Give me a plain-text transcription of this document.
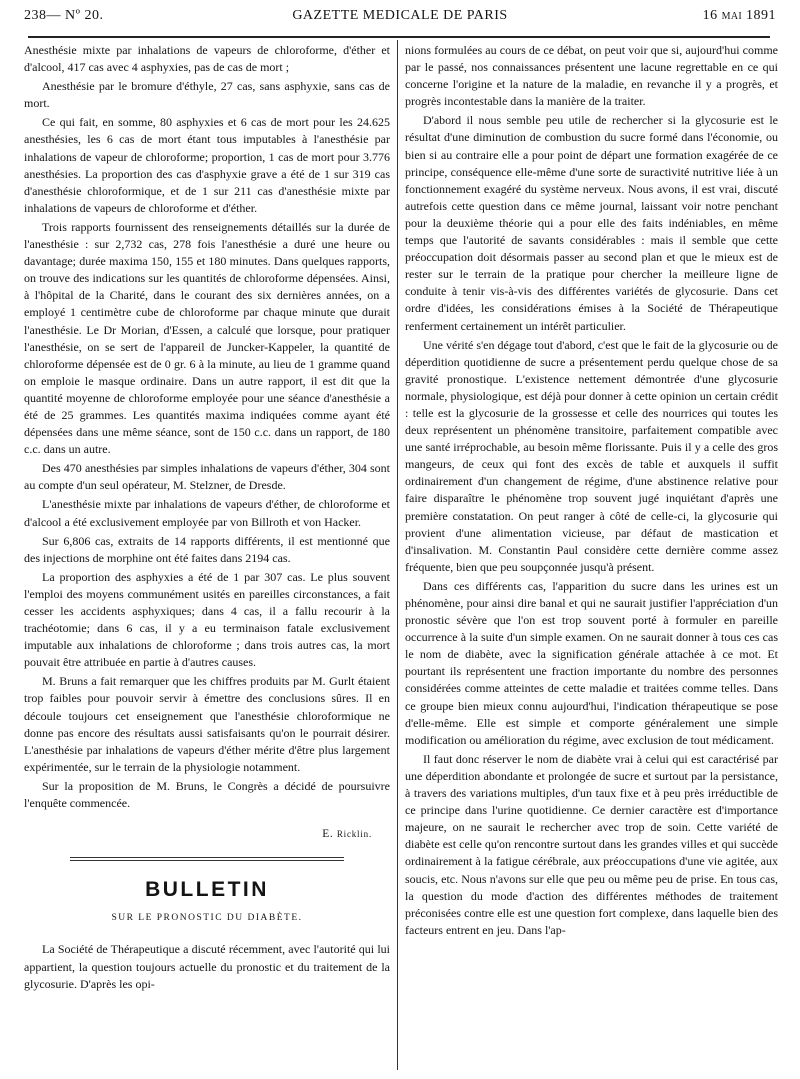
238— Nº 20.	GAZETTE MEDICALE DE PARIS	16 MAI 1891

Anesthésie mixte par inhalations de vapeurs de chloroforme, d'éther et d'alcool, 417 cas avec 4 asphyxies, pas de cas de mort ;

Anesthésie par le bromure d'éthyle, 27 cas, sans asphyxie, sans cas de mort.

Ce qui fait, en somme, 80 asphyxies et 6 cas de mort pour les 24.625 anesthésies, les 6 cas de mort étant tous imputables à l'anesthésie par inhalations de vapeur de chloroforme; proportion, 1 cas de mort pour 3.776 anesthésies. La proportion des cas d'asphyxie grave a été de 1 sur 319 cas d'anesthésie chloroformique, et de 1 sur 211 cas d'anesthésie mixte par inhalations de vapeurs de chloroforme et d'éther.

Trois rapports fournissent des renseignements détaillés sur la durée de l'anesthésie : sur 2,732 cas, 278 fois l'anesthésie a duré une heure ou davantage; durée maxima 150, 155 et 180 minutes. Dans quelques rapports, on trouve des indications sur les quantités de chloroforme dépensées. Ainsi, à l'hôpital de la Charité, dans le courant des six dernières années, on a employé 1 centimètre cube de chloroforme par chaque minute que durait l'anesthésie. Le Dr Morian, d'Essen, a calculé que lorsque, pour pratiquer l'anesthésie, on se sert de l'appareil de Juncker-Kappeler, la quantité de chloroforme dépensée est de 0 gr. 6 à la minute, au lieu de 1 gramme quand on emploie le masque ordinaire. Dans un autre rapport, il est dit que la quantité moyenne de chloroforme employée pour une séance d'anesthésie a été de 25 grammes. Les quantités maxima indiquées comme ayant été dépensées dans une même séance, sont de 150 c.c. dans un rapport, de 180 c.c. dans un autre.

Des 470 anesthésies par simples inhalations de vapeurs d'éther, 304 sont au compte d'un seul opérateur, M. Stelzner, de Dresde.

L'anesthésie mixte par inhalations de vapeurs d'éther, de chloroforme et d'alcool a été exclusivement employée par von Billroth et von Hacker.

Sur 6,806 cas, extraits de 14 rapports différents, il est mentionné que des injections de morphine ont été faites dans 2194 cas.

La proportion des asphyxies a été de 1 par 307 cas. Le plus souvent l'emploi des moyens communément usités en pareilles circonstances, a fait cesser les accidents asphyxiques; dans 4 cas, il a fallu recourir à la trachéotomie; dans 6 cas, il y a eu terminaison fatale exclusivement imputable aux inhalations de chloroforme ; dans trois autres cas, la mort pouvait être attribuée en partie à d'autres causes.

M. Bruns a fait remarquer que les chiffres produits par M. Gurlt étaient trop faibles pour pouvoir servir à émettre des conclusions sûres. Il en découle toujours cet enseignement que l'anesthésie chloroformique ne donne pas encore des résultats aussi satisfaisants qu'on le pourrait désirer. L'anesthésie par inhalations de vapeurs d'éther mérite d'être plus largement expérimentée, sur le terrain de la physiologie notamment.

Sur la proposition de M. Bruns, le Congrès a décidé de poursuivre l'enquête commencée.

E. Ricklin.
BULLETIN
SUR LE PRONOSTIC DU DIABÈTE.

La Société de Thérapeutique a discuté récemment, avec l'autorité qui lui appartient, la question toujours actuelle du pronostic et du traitement de la glycosurie. D'après les opi-

nions formulées au cours de ce débat, on peut voir que si, aujourd'hui comme par le passé, nos connaissances présentent une lacune regrettable en ce qui concerne l'origine et la nature de la maladie, en revanche il y a progrès, et progrès incontestable dans la manière de la traiter.

D'abord il nous semble peu utile de rechercher si la glycosurie est le résultat d'une diminution de combustion du sucre formé dans l'économie, ou bien si au contraire elle a pour point de départ une formation exagérée de ce principe, conséquence elle-même d'une sorte de suractivité nutritive liée à un fonctionnement exagéré du système nerveux. Nous avons, il est vrai, discuté autrefois cette question dans ce même journal, laissant voir notre penchant pour la deuxième théorie qui a pour elle des faits indéniables, en même temps que l'autorité de savants considérables : mais il semble que cette préoccupation doit désormais passer au second plan et que le mieux est de rester sur le terrain de la pratique pour chercher la meilleure ligne de conduite à tenir vis-à-vis des différentes variétés de glycosurie. Dans cet ordre d'idées, les considérations émises à la Société de Thérapeutique renferment certainement un intérêt particulier.

Une vérité s'en dégage tout d'abord, c'est que le fait de la glycosurie ou de déperdition quotidienne de sucre a présentement perdu quelque chose de sa gravité pronostique. L'existence nettement démontrée d'une glycosurie normale, physiologique, est déjà pour donner à cette opinion un certain crédit : telle est la glycosurie de la grossesse et celle des nourrices qui toutes les deux représentent un phénomène transitoire, parfaitement compatible avec une santé irréprochable, au besoin même florissante. Puis il y a celle des gros mangeurs, de ceux qui font des excès de table et auxquels il suffit ordinairement d'un changement de régime, d'une abstinence relative pour faire disparaître le phénomène trop souvent jugé inquiétant d'après une première constatation. On peut ranger à côté de celle-ci, la glycosurie qui provient d'une alimentation vicieuse, par défaut de mastication et d'insalivation. M. Constantin Paul considère cette dernière comme assez fréquente, bien que peu soupçonnée jusqu'à présent.

Dans ces différents cas, l'apparition du sucre dans les urines est un phénomène, pour ainsi dire banal et qui ne saurait justifier l'appréciation d'un pronostic sévère que l'on est trop souvent porté à formuler en pareille occurrence à la suite d'un simple examen. On ne saurait donner à tous ces cas le nom de diabète, avec la signification générale attachée à ce mot. Et pourtant ils représentent une fraction importante du nombre des personnes considérées comme atteintes de cette maladie et traitées comme telles. Dans ce groupe bien mieux connu aujourd'hui, l'indication thérapeutique se pose d'elle-même. Elle est simple et comporte généralement une simple modification ou amélioration du régime, avec exclusion de tout médicament.

Il faut donc réserver le nom de diabète vrai à celui qui est caractérisé par une déperdition abondante et prolongée de sucre et surtout par la persistance, à travers des variations multiples, d'un taux fixe et à peu près irréductible de ce principe dans l'urine quotidienne. Ce dernier caractère est d'importance majeure, on ne saurait le rechercher avec trop de soin. Cette variété de diabète est celle qu'on rencontre surtout dans les grandes villes et qui succède ordinairement à la fatigue cérébrale, aux préoccupations d'une vie agitée, aux soucis, etc. Nous n'avons sur elle que peu ou même peu de prise. En tous cas, la question du mode d'action des différentes méthodes de traitement préconisées contre elle est une question fort complexe, dans laquelle bien des facteurs entrent en jeu. Dans l'ap-
